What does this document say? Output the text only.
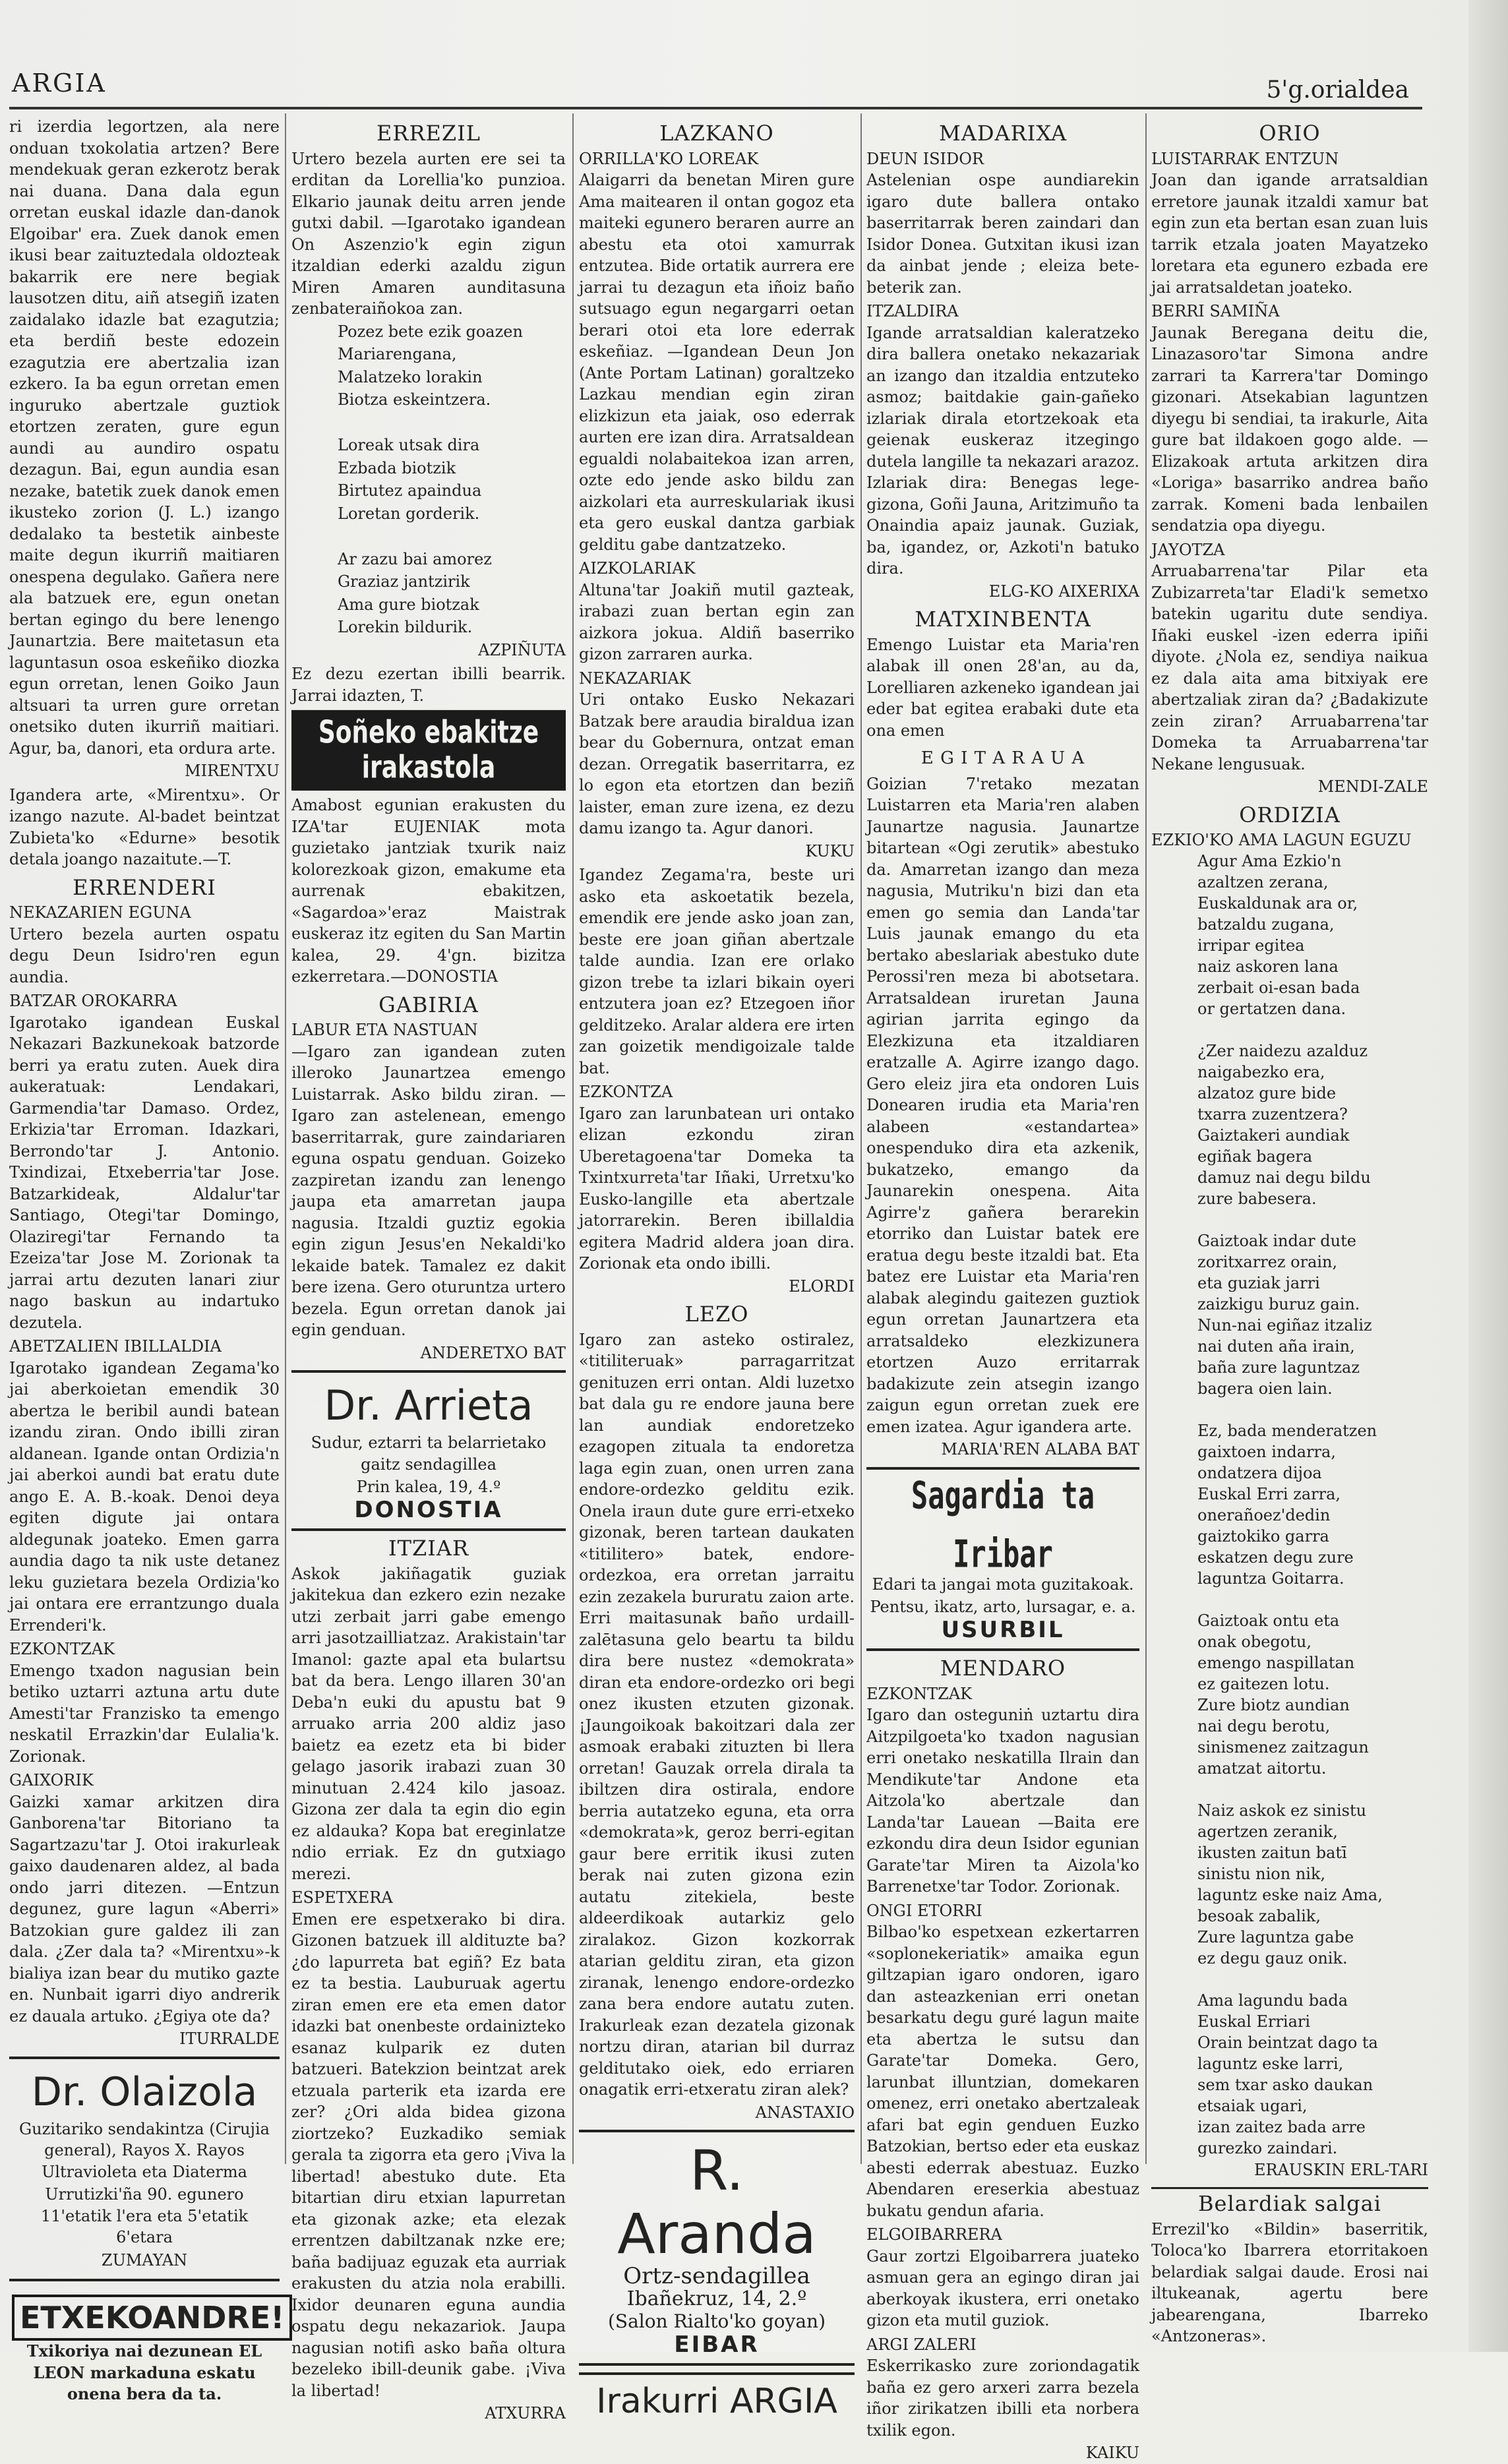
ARGIA	5'g.orialdea

ri izerdia legortzen, ala nere onduan txokolatia artzen? Bere mendekuak geran ezkerotz berak nai duana. Dana dala egun orretan euskal idazle dan-danok Elgoibar' era. Zuek danok emen ikusi bear zaituztedala oldozteak bakarrik ere nere begiak lausotzen ditu, aiñ atsegiñ izaten zaidalako idazle bat ezagutzia; eta berdiñ beste edozein ezagutzia ere abertzalia izan ezkero. Ia ba egun orretan emen inguruko abertzale guztiok etortzen zeraten, gure egun aundi au aundiro ospatu dezagun. Bai, egun aundia esan nezake, batetik zuek danok emen ikusteko zorion (J. L.) izango dedalako ta bestetik ainbeste maite degun ikurriñ maitiaren onespena degulako. Gañera nere ala batzuek ere, egun onetan bertan egingo du bere lenengo Jaunartzia. Bere maitetasun eta laguntasun osoa eskeñiko diozka egun orretan, lenen Goiko Jaun altsuari ta urren gure orretan onetsiko duten ikurriñ maitiari. Agur, ba, danori, eta ordura arte.

MIRENTXU

Igandera arte, «Mirentxu». Or izango nazute. Al-badet beintzat Zubieta'ko «Edurne» besotik detala joango nazaitute.—T.

ERRENDERI

NEKAZARIEN EGUNA

Urtero bezela aurten ospatu degu Deun Isidro'ren egun aundia.

BATZAR OROKARRA

Igarotako igandean Euskal Nekazari Bazkunekoak batzorde berri ya eratu zuten. Auek dira aukeratuak: Lendakari, Garmendia'tar Damaso. Ordez, Erkizia'tar Erroman. Idazkari, Berrondo'tar J. Antonio. Txindizai, Etxeberria'tar Jose. Batzarkideak, Aldalur'tar Santiago, Otegi'tar Domingo, Olaziregi'tar Fernando ta Ezeiza'tar Jose M. Zorionak ta jarrai artu dezuten lanari ziur nago baskun au indartuko dezutela.

ABETZALIEN IBILLALDIA

Igarotako igandean Zegama'ko jai aberkoietan emendik 30 abertza le beribil aundi batean izandu ziran. Ondo ibilli ziran aldanean. Igande ontan Ordizia'n jai aberkoi aundi bat eratu dute ango E. A. B.-koak. Denoi deya egiten digute jai ontara aldegunak joateko. Emen garra aundia dago ta nik uste detanez leku guzietara bezela Ordizia'ko jai ontara ere errantzungo duala Errenderi'k.

EZKONTZAK

Emengo txadon nagusian bein betiko uztarri aztuna artu dute Amesti'tar Franzisko ta emengo neskatil Errazkin'dar Eulalia'k. Zorionak.

GAIXORIK

Gaizki xamar arkitzen dira Ganborena'tar Bitoriano ta Sagartzazu'tar J. Otoi irakurleak gaixo daudenaren aldez, al bada ondo jarri ditezen. —Entzun degunez, gure lagun «Aberri» Batzokian gure galdez ili zan dala. ¿Zer dala ta? «Mirentxu»-k bialiya izan bear du mutiko gazte en. Nunbait igarri diyo andrerik ez dauala artuko. ¿Egiya ote da?

ITURRALDE

Dr. Olaizola

Guzitariko sendakintza (Cirujia general), Rayos X. Rayos Ultravioleta eta Diaterma

Urrutizki'ña 90. egunero 11'etatik l'era eta 5'etatik 6'etara

ZUMAYAN

ETXEKOANDRE!

Txikoriya nai dezunean EL LEON markaduna eskatu onena bera da ta.

ERREZIL

Urtero bezela aurten ere sei ta erditan da Lorellia'ko punzioa. Elkario jaunak deitu arren jende gutxi dabil. —Igarotako igandean On Aszenzio'k egin zigun itzaldian ederki azaldu zigun Miren Amaren aunditasuna zenbateraiñokoa zan.

Pozez bete ezik goazen

Mariarengana,

Malatzeko lorakin

Biotza eskeintzera.

Loreak utsak dira

Ezbada biotzik

Birtutez apaindua

Loretan gorderik.

Ar zazu bai amorez

Graziaz jantzirik

Ama gure biotzak

Lorekin bildurik.

AZPIÑUTA

Ez dezu ezertan ibilli bearrik. Jarrai idazten, T.

Soñeko ebakitze irakastola

Amabost egunian erakusten du IZA'tar EUJENIAK mota guzietako jantziak txurik naiz kolorezkoak gizon, emakume eta aurrenak ebakitzen, «Sagardoa»'eraz Maistrak euskeraz itz egiten du San Martin kalea, 29. 4'gn. bizitza ezkerretara.—DONOSTIA

GABIRIA

LABUR ETA NASTUAN

—Igaro zan igandean zuten illeroko Jaunartzea emengo Luistarrak. Asko bildu ziran. —Igaro zan astelenean, emengo baserritarrak, gure zaindariaren eguna ospatu genduan. Goizeko zazpiretan izandu zan lenengo jaupa eta amarretan jaupa nagusia. Itzaldi guztiz egokia egin zigun Jesus'en Nekaldi'ko lekaide batek. Tamalez ez dakit bere izena. Gero oturuntza urtero bezela. Egun orretan danok jai egin genduan.

ANDERETXO BAT

Dr. Arrieta

Sudur, eztarri ta belarrietako gaitz sendagillea

Prin kalea, 19, 4.º

DONOSTIA

ITZIAR

Askok jakiñagatik guziak jakitekua dan ezkero ezin nezake utzi zerbait jarri gabe emengo arri jasotzailliatzaz. Arakistain'tar Imanol: gazte apal eta bulartsu bat da bera. Lengo illaren 30'an Deba'n euki du apustu bat 9 arruako arria 200 aldiz jaso baietz ea ezetz eta bi bider gelago jasorik irabazi zuan 30 minutuan 2.424 kilo jasoaz. Gizona zer dala ta egin dio egin ez aldauka? Kopa bat ereginlatze ndio erriak. Ez dn gutxiago merezi.

ESPETXERA

Emen ere espetxerako bi dira. Gizonen batzuek ill aldituzte ba? ¿do lapurreta bat egiñ? Ez bata ez ta bestia. Lauburuak agertu ziran emen ere eta emen dator idazki bat onenbeste ordainizteko esanaz kulparik ez duten batzueri. Batekzion beintzat arek etzuala parterik eta izarda ere zer? ¿Ori alda bidea gizona ziortzeko? Euzkadiko semiak gerala ta zigorra eta gero ¡Viva la libertad! abestuko dute. Eta bitartian diru etxian lapurretan eta gizonak azke; eta elezak errentzen dabiltzanak nzke ere; baña badijuaz eguzak eta aurriak erakusten du atzia nola erabilli. Ixidor deunaren eguna aundia ospatu degu nekazariok. Jaupa nagusian notifi asko baña oltura bezeleko ibill-deunik gabe. ¡Viva la libertad!

ATXURRA

LAZKANO

ORRILLA'KO LOREAK

Alaigarri da benetan Miren gure Ama maitearen il ontan gogoz eta maiteki egunero beraren aurre an abestu eta otoi xamurrak entzutea. Bide ortatik aurrera ere jarrai tu dezagun eta iñoiz baño sutsuago egun negargarri oetan berari otoi eta lore ederrak eskeñiaz. —Igandean Deun Jon (Ante Portam Latinan) goraltzeko Lazkau mendian egin ziran elizkizun eta jaiak, oso ederrak aurten ere izan dira. Arratsaldean egualdi nolabaitekoa izan arren, ozte edo jende asko bildu zan aizkolari eta aurreskulariak ikusi eta gero euskal dantza garbiak gelditu gabe dantzatzeko.

AIZKOLARIAK

Altuna'tar Joakiñ mutil gazteak, irabazi zuan bertan egin zan aizkora jokua. Aldiñ baserriko gizon zarraren aurka.

NEKAZARIAK

Uri ontako Eusko Nekazari Batzak bere araudia biraldua izan bear du Gobernura, ontzat eman dezan. Orregatik baserritarra, ez lo egon eta etortzen dan beziñ laister, eman zure izena, ez dezu damu izango ta. Agur danori.

KUKU

Igandez Zegama'ra, beste uri asko eta askoetatik bezela, emendik ere jende asko joan zan, beste ere joan giñan abertzale talde aundia. Izan ere orlako gizon trebe ta izlari bikain oyeri entzutera joan ez? Etzegoen iñor gelditzeko. Aralar aldera ere irten zan goizetik mendigoizale talde bat.

EZKONTZA

Igaro zan larunbatean uri ontako elizan ezkondu ziran Uberetagoena'tar Domeka ta Txintxurreta'tar Iñaki, Urretxu'ko Eusko-langille eta abertzale jatorrarekin. Beren ibillaldia egitera Madrid aldera joan dira. Zorionak eta ondo ibilli.

ELORDI

LEZO

Igaro zan asteko ostiralez, «titiliteruak» parragarritzat genituzen erri ontan. Aldi luzetxo bat dala gu re endore jauna bere lan aundiak endoretzeko ezagopen zituala ta endoretza laga egin zuan, onen urren zana endore-ordezko gelditu ezik. Onela iraun dute gure erri-etxeko gizonak, beren tartean daukaten «titilitero» batek, endore-ordezkoa, era orretan jarraitu ezin zezakela bururatu zaion arte. Erri maitasunak baño urdaill-zalētasuna gelo beartu ta bildu dira bere nustez «demokrata» diran eta endore-ordezko ori begi onez ikusten etzuten gizonak. ¡Jaungoikoak bakoitzari dala zer asmoak erabaki zituzten bi llera orretan! Gauzak orrela dirala ta ibiltzen dira ostirala, endore berria autatzeko eguna, eta orra «demokrata»k, geroz berri-egitan gaur bere erritik ikusi zuten berak nai zuten gizona ezin autatu zitekiela, beste aldeerdikoak autarkiz gelo ziralakoz. Gizon kozkorrak atarian gelditu ziran, eta gizon ziranak, lenengo endore-ordezko zana bera endore autatu zuten. Irakurleak ezan dezatela gizonak nortzu diran, atarian bil durraz gelditutako oiek, edo erriaren onagatik erri-etxeratu ziran alek?

ANASTAXIO

R. Aranda

Ortz-sendagillea

Ibañekruz, 14, 2.º

(Salon Rialto'ko goyan)

EIBAR

Irakurri ARGIA

MADARIXA

DEUN ISIDOR

Astelenian ospe aundiarekin igaro dute ballera ontako baserritarrak beren zaindari dan Isidor Donea. Gutxitan ikusi izan da ainbat jende ; eleiza bete-beterik zan.

ITZALDIRA

Igande arratsaldian kaleratzeko dira ballera onetako nekazariak an izango dan itzaldia entzuteko asmoz; baitdakie gain-gañeko izlariak dirala etortzekoak eta geienak euskeraz itzegingo dutela langille ta nekazari arazoz. Izlariak dira: Benegas lege-gizona, Goñi Jauna, Aritzimuño ta Onaindia apaiz jaunak. Guziak, ba, igandez, or, Azkoti'n batuko dira.

ELG-KO AIXERIXA

MATXINBENTA

Emengo Luistar eta Maria'ren alabak ill onen 28'an, au da, Lorelliaren azkeneko igandean jai eder bat egitea erabaki dute eta ona emen

E G I T A R A U A

Goizian 7'retako mezatan Luistarren eta Maria'ren alaben Jaunartze nagusia. Jaunartze bitartean «Ogi zerutik» abestuko da. Amarretan izango dan meza nagusia, Mutriku'n bizi dan eta emen go semia dan Landa'tar Luis jaunak emango du eta bertako abeslariak abestuko dute Perossi'ren meza bi abotsetara. Arratsaldean iruretan Jauna agirian jarrita egingo da Elezkizuna eta itzaldiaren eratzalle A. Agirre izango dago. Gero eleiz jira eta ondoren Luis Donearen irudia eta Maria'ren alabeen «estandartea» onespenduko dira eta azkenik, bukatzeko, emango da Jaunarekin onespena. Aita Agirre'z gañera berarekin etorriko dan Luistar batek ere eratua degu beste itzaldi bat. Eta batez ere Luistar eta Maria'ren alabak alegindu gaitezen guztiok egun orretan Jaunartzera eta arratsaldeko elezkizunera etortzen Auzo erritarrak badakizute zein atsegin izango zaigun egun orretan zuek ere emen izatea. Agur igandera arte.

MARIA'REN ALABA BAT

Sagardia ta Iribar

Edari ta jangai mota guzitakoak.

Pentsu, ikatz, arto, lursagar, e. a.

USURBIL

MENDARO

EZKONTZAK

Igaro dan osteguniṅ uztartu dira Aitzpilgoeta'ko txadon nagusian erri onetako neskatilla Ilrain dan Mendikute'tar Andone eta Aitzola'ko abertzale dan Landa'tar Lauean —Baita ere ezkondu dira deun Isidor egunian Garate'tar Miren ta Aizola'ko Barrenetxe'tar Todor. Zorionak.

ONGI ETORRI

Bilbao'ko espetxean ezkertarren «soplonekeriatik» amaika egun giltzapian igaro ondoren, igaro dan asteazkenian erri onetan besarkatu degu guré lagun maite eta abertza le sutsu dan Garate'tar Domeka. Gero, larunbat illuntzian, domekaren omenez, erri onetako abertzaleak afari bat egin genduen Euzko Batzokian, bertso eder eta euskaz abesti ederrak abestuaz. Euzko Abendaren ereserkia abestuaz bukatu gendun afaria.

ELGOIBARRERA

Gaur zortzi Elgoibarrera juateko asmuan gera an egingo diran jai aberkoyak ikustera, erri onetako gizon eta mutil guziok.

ARGI ZALERI

Eskerrikasko zure zoriondagatik baña ez gero arxeri zarra bezela iñor zirikatzen ibilli eta norbera txilik egon.

KAIKU

ORIO

LUISTARRAK ENTZUN

Joan dan igande arratsaldian erretore jaunak itzaldi xamur bat egin zun eta bertan esan zuan luis tarrik etzala joaten Mayatzeko loretara eta egunero ezbada ere jai arratsaldetan joateko.

BERRI SAMIÑA

Jaunak Beregana deitu die, Linazasoro'tar Simona andre zarrari ta Karrera'tar Domingo gizonari. Atsekabian laguntzen diyegu bi sendiai, ta irakurle, Aita gure bat ildakoen gogo alde. —Elizakoak artuta arkitzen dira «Loriga» basarriko andrea baño zarrak. Komeni bada lenbailen sendatzia opa diyegu.

JAYOTZA

Arruabarrena'tar Pilar eta Zubizarreta'tar Eladi'k semetxo batekin ugaritu dute sendiya. Iñaki euskel -izen ederra ipiñi diyote. ¿Nola ez, sendiya naikua ez dala aita ama bitxiyak ere abertzaliak ziran da? ¿Badakizute zein ziran? Arruabarrena'tar Domeka ta Arruabarrena'tar Nekane lengusuak.

MENDI-ZALE

ORDIZIA

EZKIO'KO AMA LAGUN EGUZU

Agur Ama Ezkio'n

azaltzen zerana,

Euskaldunak ara or,

batzaldu zugana,

irripar egitea

naiz askoren lana

zerbait oi-esan bada

or gertatzen dana.

¿Zer naidezu azalduz

naigabezko era,

alzatoz gure bide

txarra zuzentzera?

Gaiztakeri aundiak

egiñak bagera

damuz nai degu bildu

zure babesera.

Gaiztoak indar dute

zoritxarrez orain,

eta guziak jarri

zaizkigu buruz gain.

Nun-nai egiñaz itzaliz

nai duten aña irain,

baña zure laguntzaz

bagera oien lain.

Ez, bada menderatzen

gaixtoen indarra,

ondatzera dijoa

Euskal Erri zarra,

onerañoez'dedin

gaiztokiko garra

eskatzen degu zure

laguntza Goitarra.

Gaiztoak ontu eta

onak obegotu,

emengo naspillatan

ez gaitezen lotu.

Zure biotz aundian

nai degu berotu,

sinismenez zaitzagun

amatzat aitortu.

Naiz askok ez sinistu

agertzen zeranik,

ikusten zaitun batī

sinistu nion nik,

laguntz eske naiz Ama,

besoak zabalik,

Zure laguntza gabe

ez degu gauz onik.

Ama lagundu bada

Euskal Erriari

Orain beintzat dago ta

laguntz eske larri,

sem txar asko daukan

etsaiak ugari,

izan zaitez bada arre

gurezko zaindari.

ERAUSKIN ERL-TARI

Belardiak salgai

Errezil'ko «Bildin» baserritik, Toloca'ko Ibarrera etorritakoen belardiak salgai daude. Erosi nai iltukeanak, agertu bere jabearengana, Ibarreko «Antzoneras».
